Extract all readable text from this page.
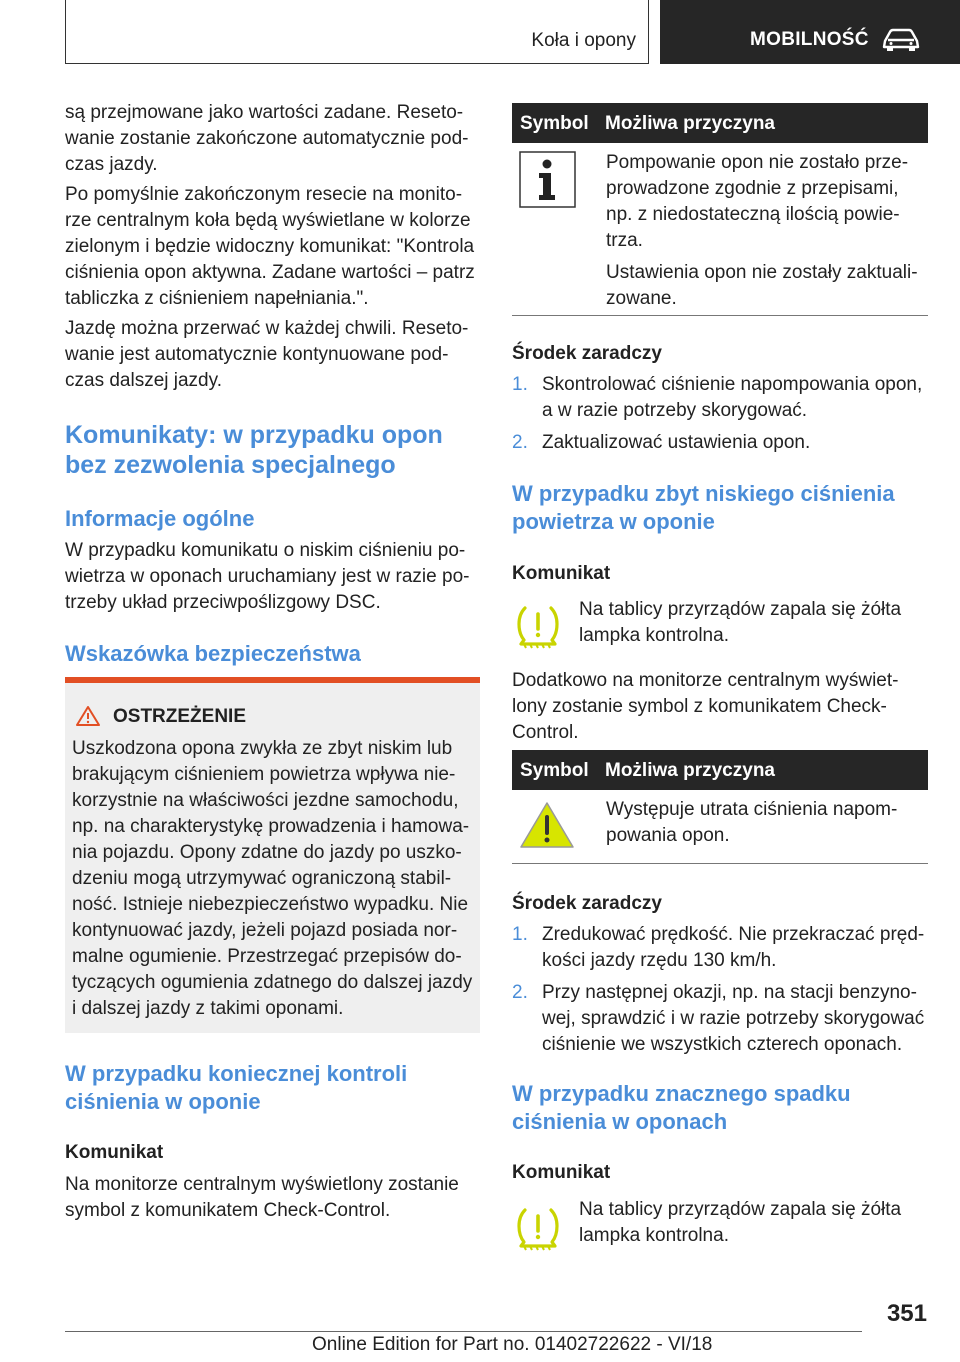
Koła i opony	MOBILNOŚĆ

są przejmowane jako wartości zadane. Reseto-wanie zostanie zakończone automatycznie pod-czas jazdy.

Po pomyślnie zakończonym resecie na monito-rze centralnym koła będą wyświetlane w kolorze zielonym i będzie widoczny komunikat: "Kontrola ciśnienia opon aktywna. Zadane wartości – patrz tabliczka z ciśnieniem napełniania.".

Jazdę można przerwać w każdej chwili. Reseto-wanie jest automatycznie kontynuowane pod-czas dalszej jazdy.

Komunikaty: w przypadku opon bez zezwolenia specjalnego
Informacje ogólne

W przypadku komunikatu o niskim ciśnieniu po-wietrza w oponach uruchamiany jest w razie po-trzeby układ przeciwpoślizgowy DSC.

Wskazówka bezpieczeństwa
OSTRZEŻENIE

Uszkodzona opona zwykła ze zbyt niskim lub brakującym ciśnieniem powietrza wpływa nie-korzystnie na właściwości jezdne samochodu, np. na charakterystykę prowadzenia i hamowa-nia pojazdu. Opony zdatne do jazdy po uszko-dzeniu mogą utrzymywać ograniczoną stabil-ność. Istnieje niebezpieczeństwo wypadku. Nie kontynuować jazdy, jeżeli pojazd posiada nor-malne ogumienie. Przestrzegać przepisów do-tyczących ogumienia zdatnego do dalszej jazdy i dalszej jazdy z takimi oponami.

W przypadku koniecznej kontroli ciśnienia w oponie
Komunikat

Na monitorze centralnym wyświetlony zostanie symbol z komunikatem Check-Control.

Symbol Możliwa przyczyna

Pompowanie opon nie zostało prze-prowadzone zgodnie z przepisami, np. z niedostateczną ilością powie-trza.

Ustawienia opon nie zostały zaktuali-zowane.

Środek zaradczy
1. Skontrolować ciśnienie napompowania opon, a w razie potrzeby skorygować.
2. Zaktualizować ustawienia opon.
W przypadku zbyt niskiego ciśnienia powietrza w oponie
Komunikat

Na tablicy przyrządów zapala się żółta lampka kontrolna.

Dodatkowo na monitorze centralnym wyświet-lony zostanie symbol z komunikatem Check-Control.

Symbol Możliwa przyczyna

Występuje utrata ciśnienia napom-powania opon.

Środek zaradczy
1. Zredukować prędkość. Nie przekraczać pręd-kości jazdy rzędu 130 km/h.
2. Przy następnej okazji, np. na stacji benzyno-wej, sprawdzić i w razie potrzeby skorygować ciśnienie we wszystkich czterech oponach.
W przypadku znacznego spadku ciśnienia w oponach
Komunikat

Na tablicy przyrządów zapala się żółta lampka kontrolna.

351
Online Edition for Part no. 01402722622 - VI/18
